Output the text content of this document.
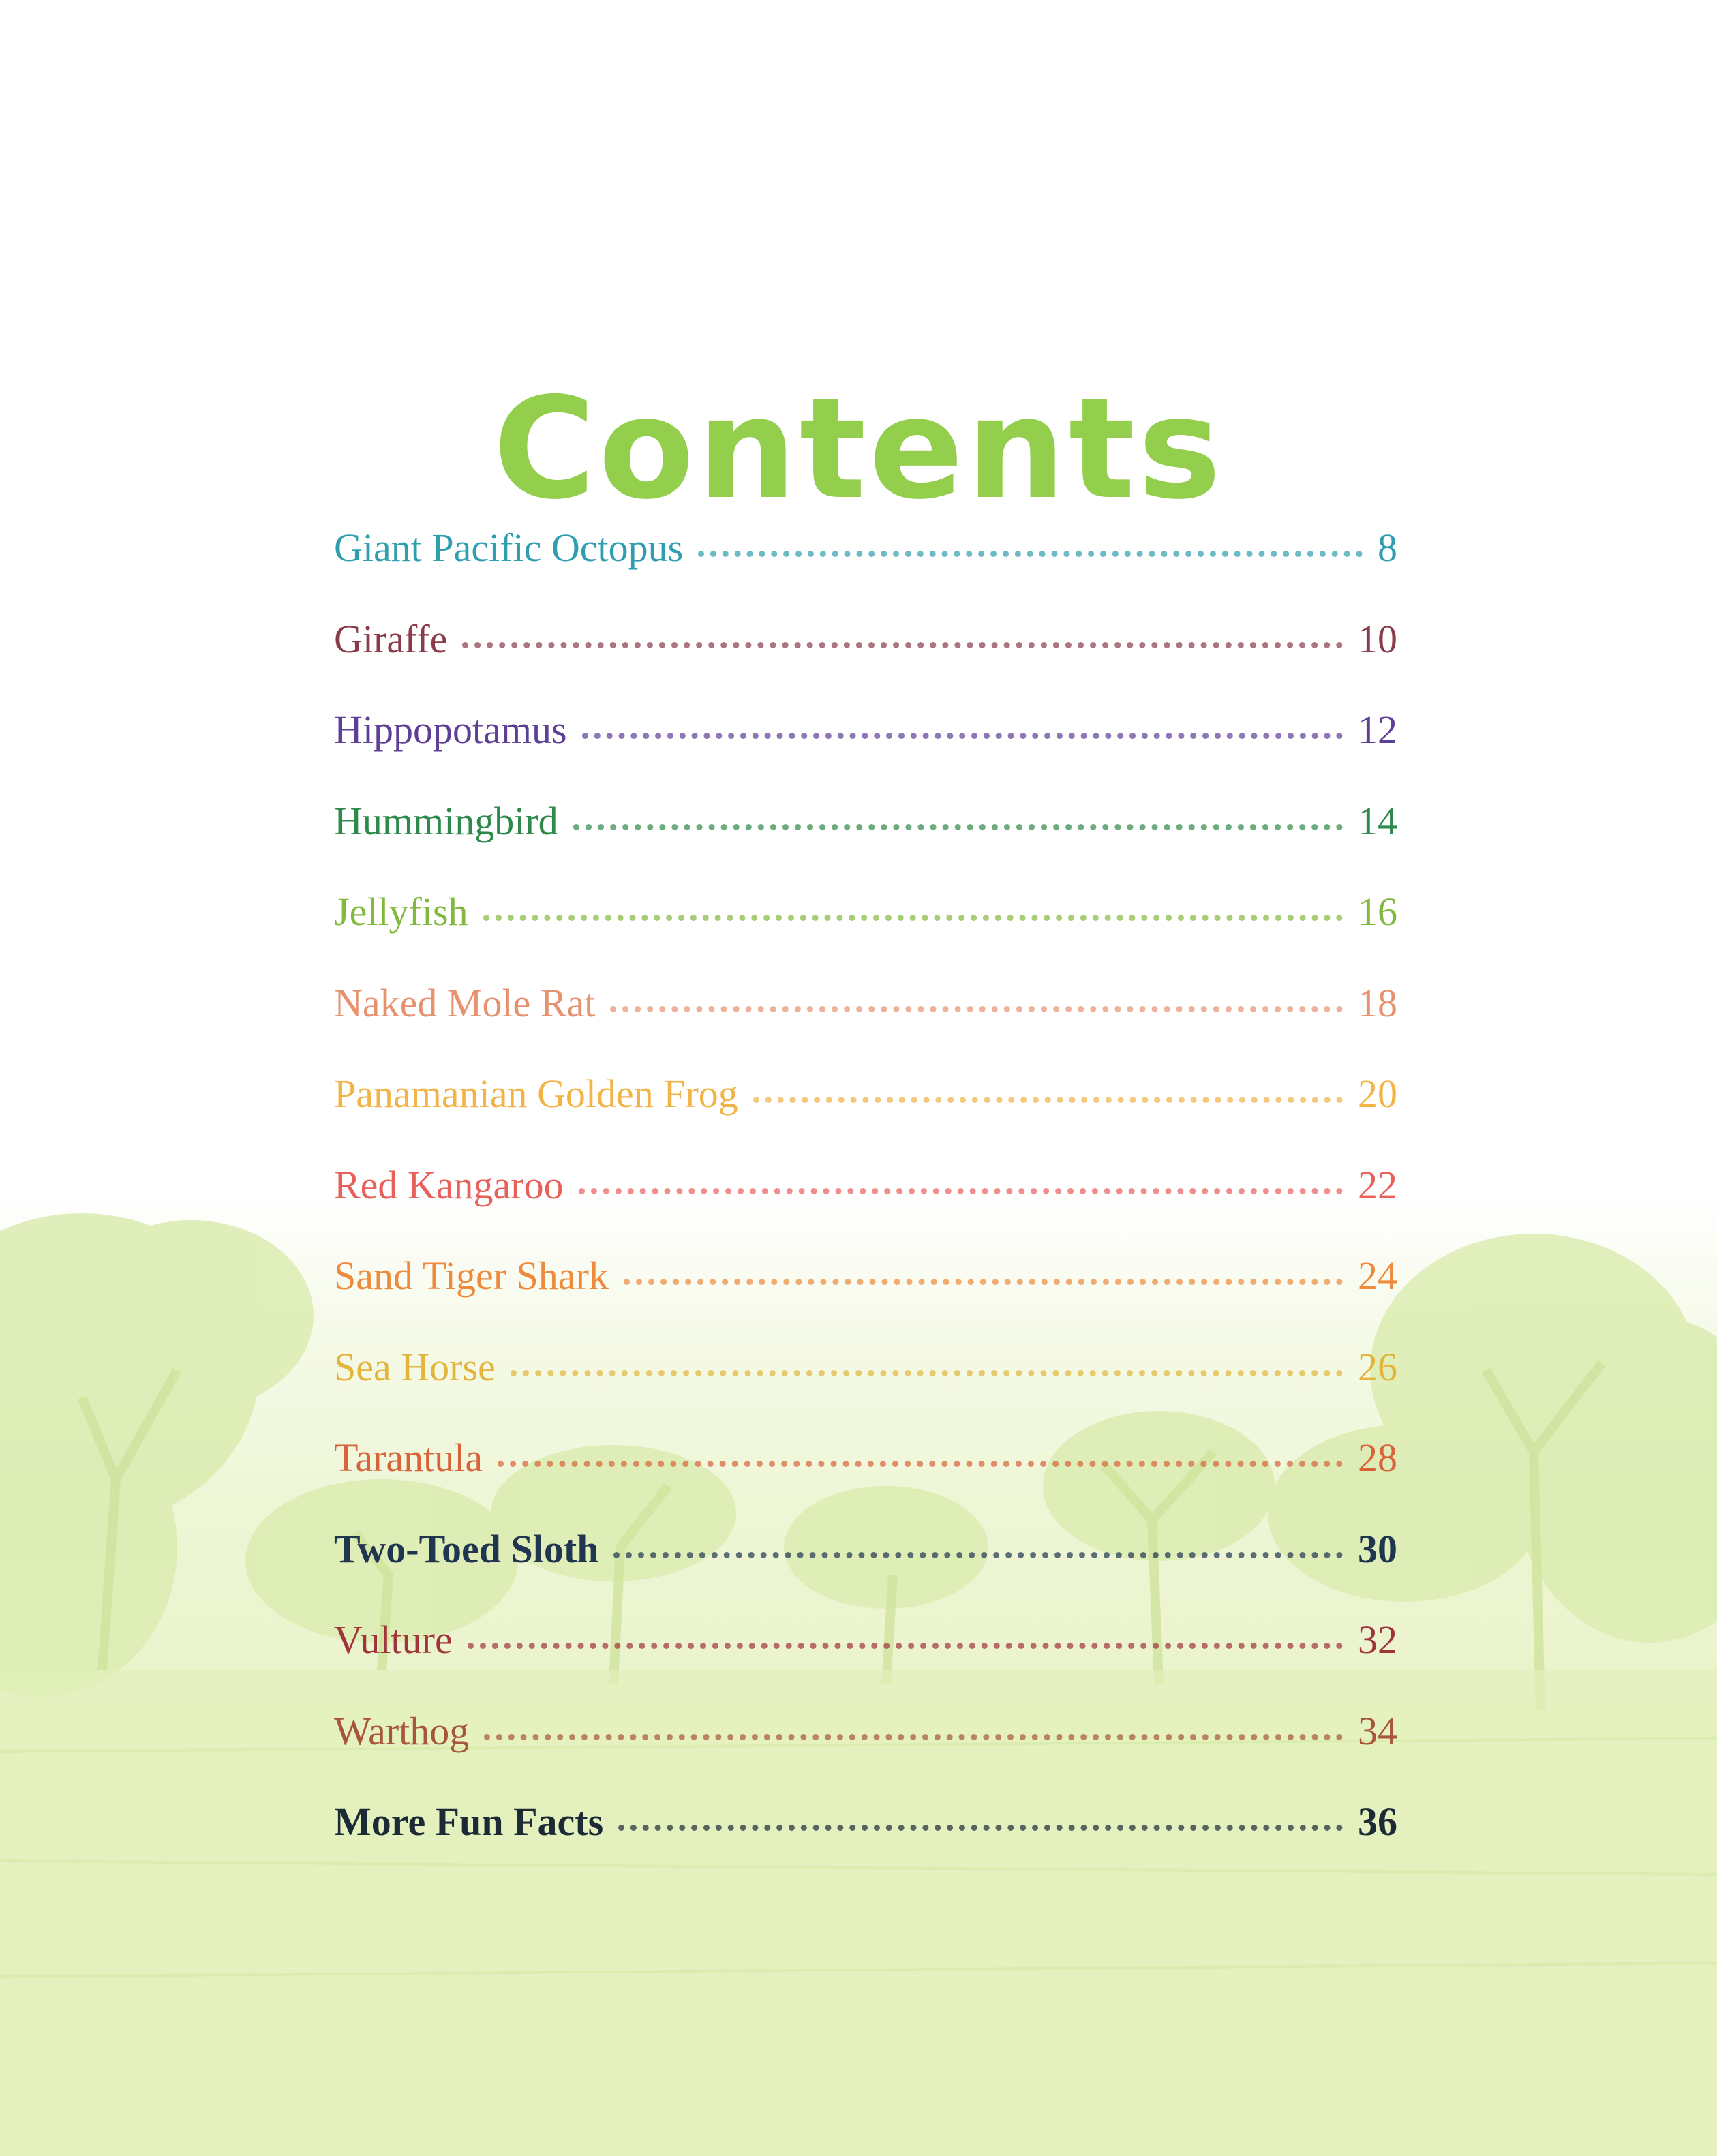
Contents
Giant Pacific Octopus	8
Giraffe	10
Hippopotamus	12
Hummingbird	14
Jellyfish	16
Naked Mole Rat	18
Panamanian Golden Frog	20
Red Kangaroo	22
Sand Tiger Shark	24
Sea Horse	26
Tarantula	28
Two-Toed Sloth	30
Vulture	32
Warthog	34
More Fun Facts	36
